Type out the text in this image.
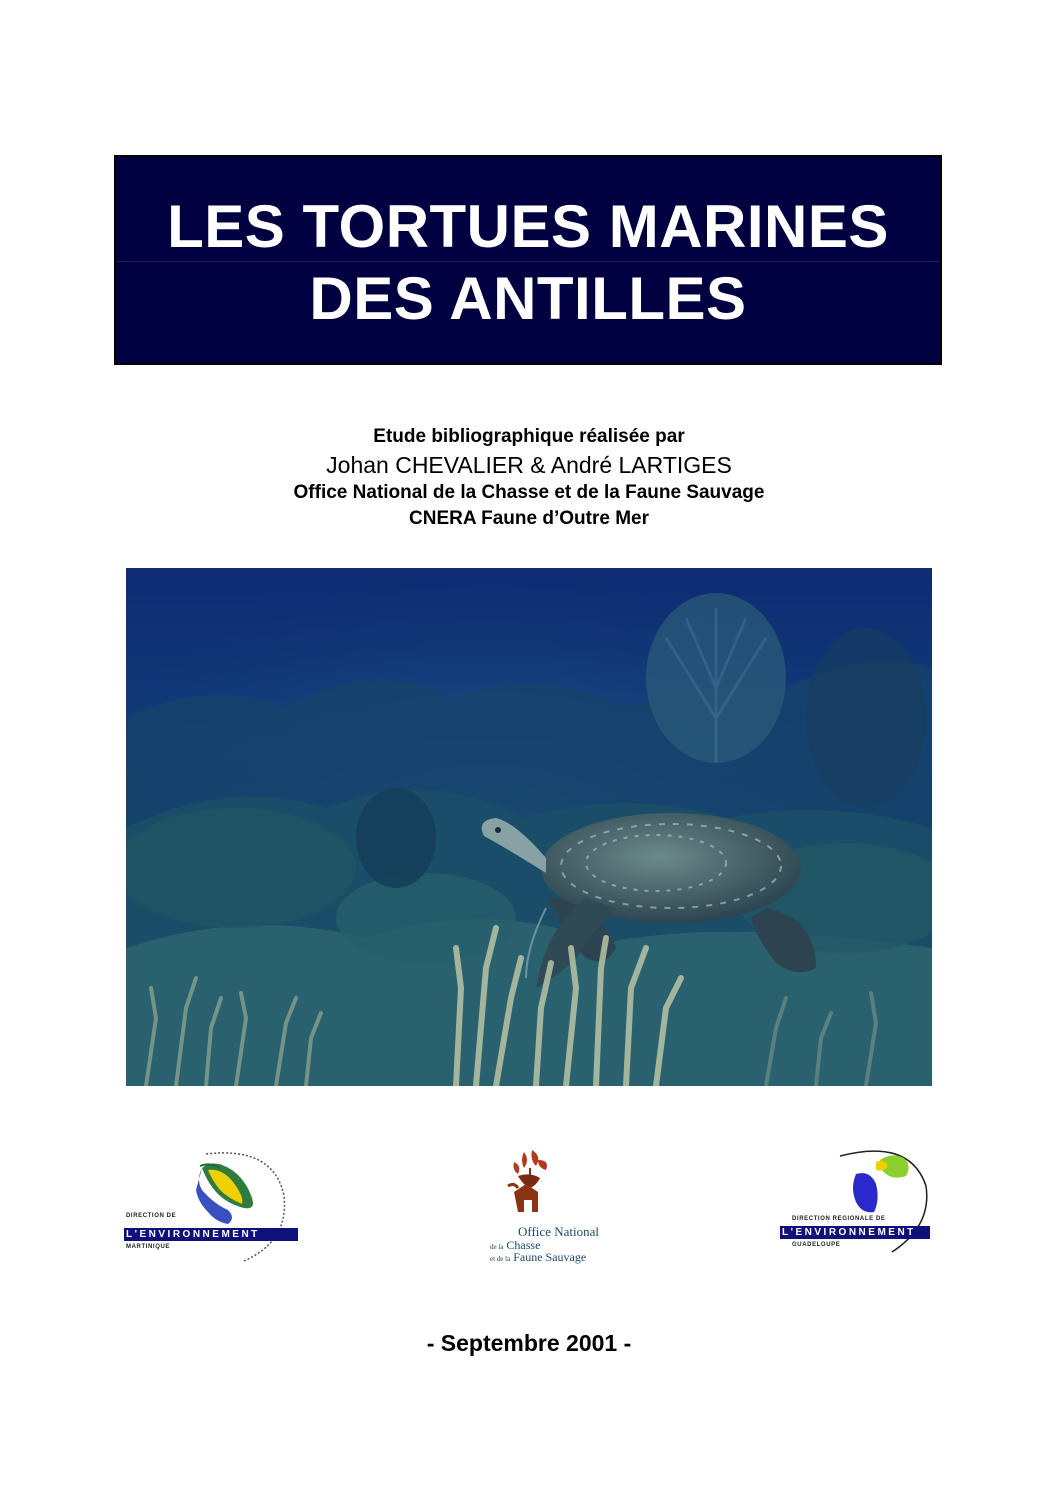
LES TORTUES MARINES
DES ANTILLES
Etude bibliographique réalisée par
Johan CHEVALIER & André LARTIGES
Office National de la Chasse et de la Faune Sauvage
CNERA Faune d’Outre Mer
DIRECTION DE
L'ENVIRONNEMENT
MARTINIQUE
Office National
de la Chasse
et de la Faune Sauvage
DIRECTION REGIONALE DE
L'ENVIRONNEMENT
GUADELOUPE
- Septembre 2001 -
